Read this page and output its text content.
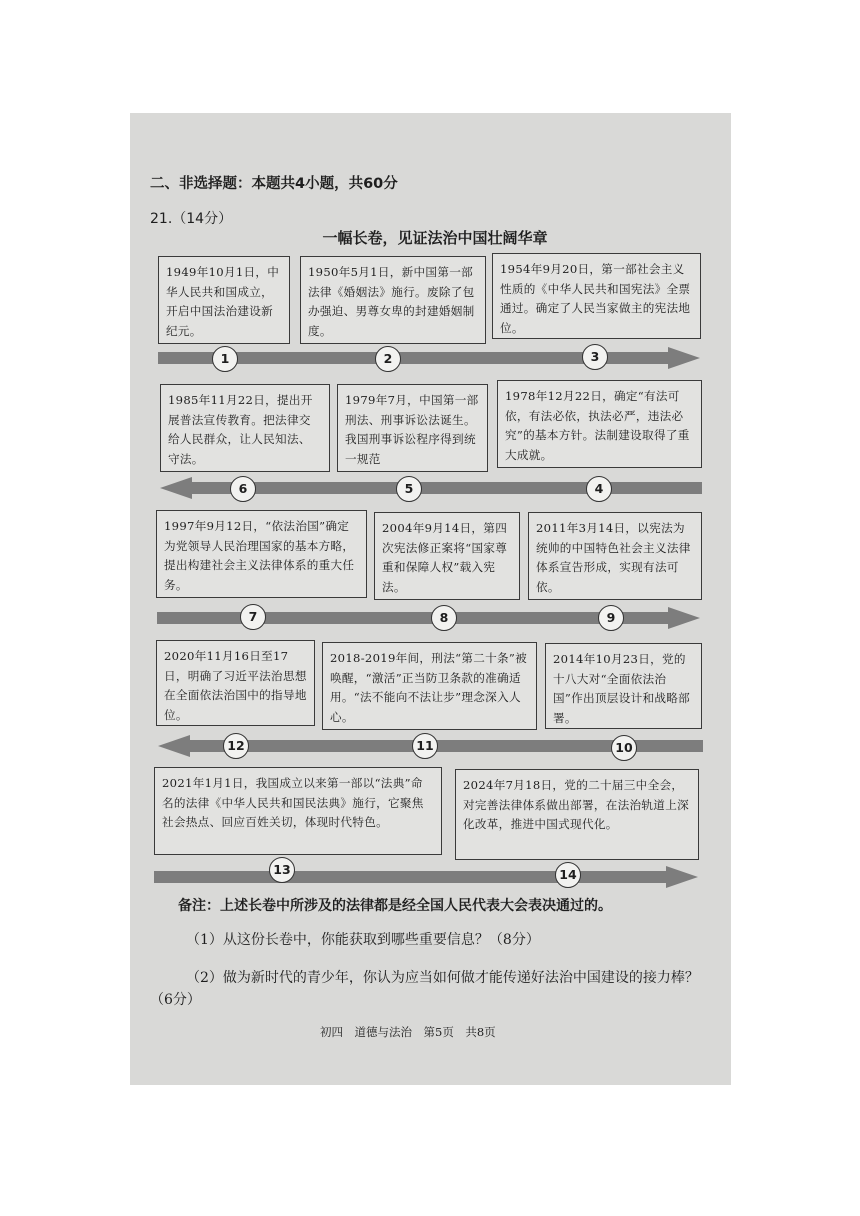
二、非选择题：本题共4小题，共60分
21.（14分）
一幅长卷，见证法治中国壮阔华章
1949年10月1日，中华人民共和国成立，开启中国法治建设新纪元。
1950年5月1日，新中国第一部法律《婚姻法》施行。废除了包办强迫、男尊女卑的封建婚姻制度。
1954年9月20日，第一部社会主义性质的《中华人民共和国宪法》全票通过。确定了人民当家做主的宪法地位。
1	2	3
1985年11月22日，提出开展普法宣传教育。把法律交给人民群众，让人民知法、守法。
1979年7月，中国第一部刑法、刑事诉讼法诞生。我国刑事诉讼程序得到统一规范
1978年12月22日，确定“有法可依，有法必依，执法必严，违法必究”的基本方针。法制建设取得了重大成就。
6	5	4
1997年9月12日，“依法治国”确定为党领导人民治理国家的基本方略，提出构建社会主义法律体系的重大任务。
2004年9月14日，第四次宪法修正案将“国家尊重和保障人权”载入宪法。
2011年3月14日，以宪法为统帅的中国特色社会主义法律体系宣告形成，实现有法可依。
7	8	9
2020年11月16日至17日，明确了习近平法治思想在全面依法治国中的指导地位。
2018-2019年间，刑法“第二十条”被唤醒，“激活”正当防卫条款的准确适用。“法不能向不法让步”理念深入人心。
2014年10月23日，党的十八大对“全面依法治国”作出顶层设计和战略部署。
12	11	10
2021年1月1日，我国成立以来第一部以“法典”命名的法律《中华人民共和国民法典》施行，它聚焦社会热点、回应百姓关切，体现时代特色。
2024年7月18日，党的二十届三中全会，对完善法律体系做出部署，在法治轨道上深化改革，推进中国式现代化。
13	14
备注：上述长卷中所涉及的法律都是经全国人民代表大会表决通过的。
（1）从这份长卷中，你能获取到哪些重要信息？（8分）
（2）做为新时代的青少年，你认为应当如何做才能传递好法治中国建设的接力棒？（6分）
初四　道德与法治　第5页　共8页
